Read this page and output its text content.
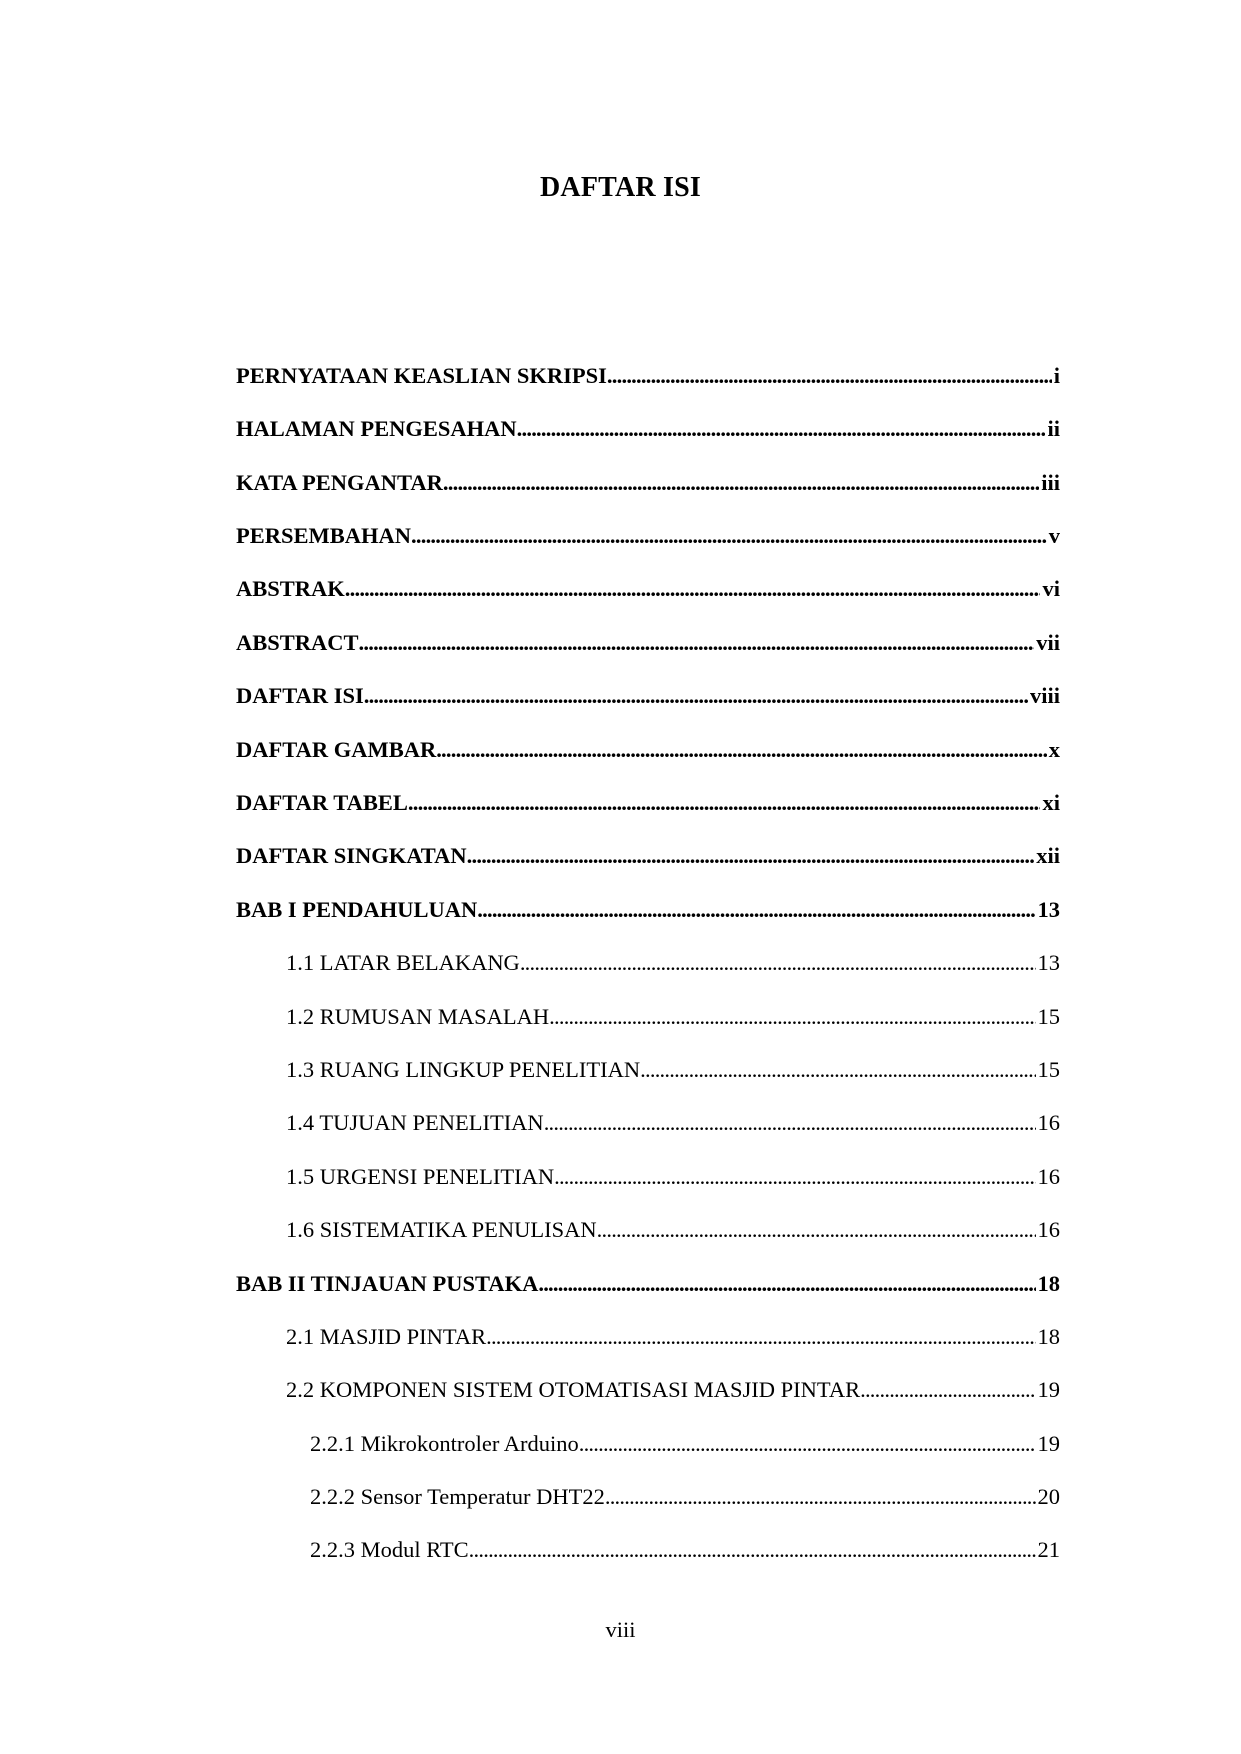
DAFTAR ISI
PERNYATAAN KEASLIAN SKRIPSI . . .	i
HALAMAN PENGESAHAN . . .	ii
KATA PENGANTAR . . .	iii
PERSEMBAHAN . . .	v
ABSTRAK . . .	vi
ABSTRACT . . .	vii
DAFTAR ISI . . .	viii
DAFTAR GAMBAR . . .	x
DAFTAR TABEL . . .	xi
DAFTAR SINGKATAN . . .	xii
BAB I PENDAHULUAN . . .	13
1.1 LATAR BELAKANG . . .	13
1.2 RUMUSAN MASALAH . . .	15
1.3 RUANG LINGKUP PENELITIAN . . .	15
1.4 TUJUAN PENELITIAN . . .	16
1.5 URGENSI PENELITIAN . . .	16
1.6 SISTEMATIKA PENULISAN . . .	16
BAB II TINJAUAN PUSTAKA . . .	18
2.1 MASJID PINTAR . . .	18
2.2 KOMPONEN SISTEM OTOMATISASI MASJID PINTAR . . .	19
2.2.1 Mikrokontroler Arduino . . .	19
2.2.2 Sensor Temperatur DHT22 . . .	20
2.2.3 Modul RTC . . .	21

viii
